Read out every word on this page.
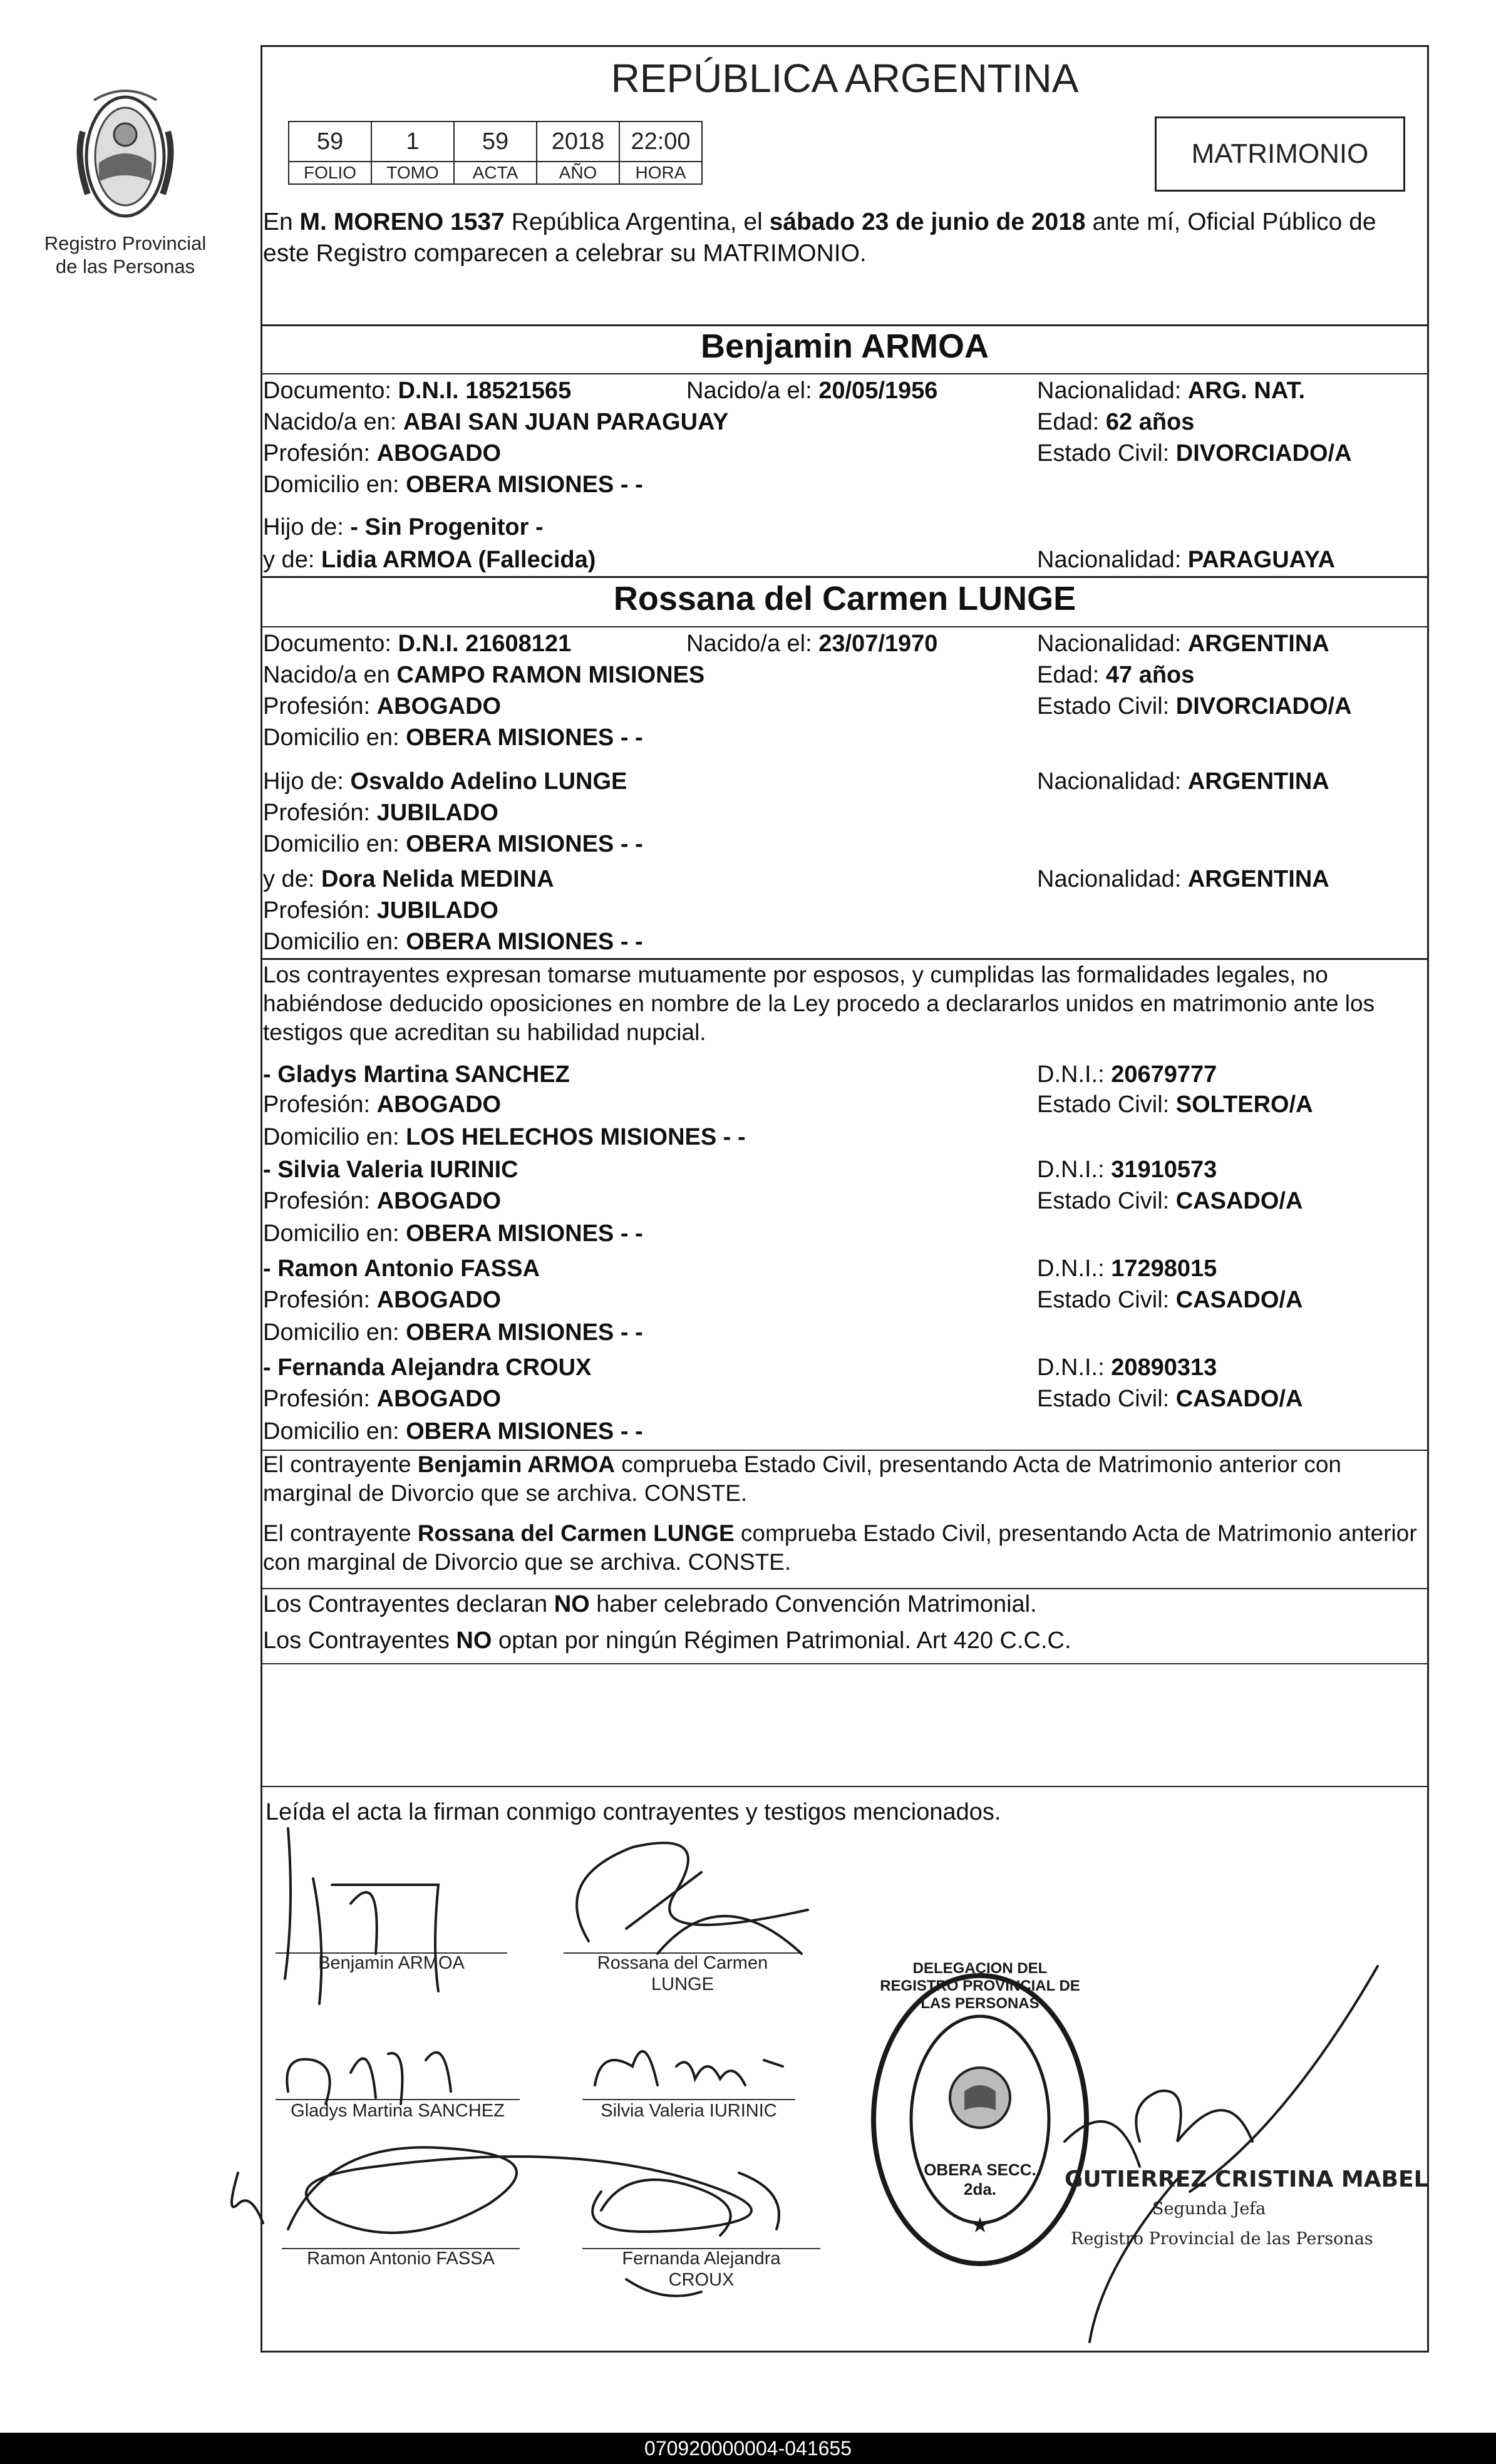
Registro Provincial
de las Personas
REPÚBLICA ARGENTINA
59	1	59	2018	22:00
FOLIO	TOMO	ACTA	AÑO	HORA
MATRIMONIO
En M. MORENO 1537 República Argentina, el sábado 23 de junio de 2018 ante mí, Oficial Público de este Registro comparecen a celebrar su MATRIMONIO.
Benjamin ARMOA
Documento: D.N.I. 18521565	Nacido/a el: 20/05/1956	Nacionalidad: ARG. NAT.
Nacido/a en: ABAI SAN JUAN PARAGUAY	Edad: 62 años
Profesión: ABOGADO	Estado Civil: DIVORCIADO/A
Domicilio en: OBERA MISIONES - -
Hijo de: - Sin Progenitor -
y de: Lidia ARMOA (Fallecida)	Nacionalidad: PARAGUAYA
Rossana del Carmen LUNGE
Documento: D.N.I. 21608121	Nacido/a el: 23/07/1970	Nacionalidad: ARGENTINA
Nacido/a en CAMPO RAMON MISIONES	Edad: 47 años
Profesión: ABOGADO	Estado Civil: DIVORCIADO/A
Domicilio en: OBERA MISIONES - -
Hijo de: Osvaldo Adelino LUNGE	Nacionalidad: ARGENTINA
Profesión: JUBILADO
Domicilio en: OBERA MISIONES - -
y de: Dora Nelida MEDINA	Nacionalidad: ARGENTINA
Profesión: JUBILADO
Domicilio en: OBERA MISIONES - -
Los contrayentes expresan tomarse mutuamente por esposos, y cumplidas las formalidades legales, no habiéndose deducido oposiciones en nombre de la Ley procedo a declararlos unidos en matrimonio ante los testigos que acreditan su habilidad nupcial.
- Gladys Martina SANCHEZ	D.N.I.: 20679777
Profesión: ABOGADO	Estado Civil: SOLTERO/A
Domicilio en: LOS HELECHOS MISIONES - -
- Silvia Valeria IURINIC	D.N.I.: 31910573
Profesión: ABOGADO	Estado Civil: CASADO/A
Domicilio en: OBERA MISIONES - -
- Ramon Antonio FASSA	D.N.I.: 17298015
Profesión: ABOGADO	Estado Civil: CASADO/A
Domicilio en: OBERA MISIONES - -
- Fernanda Alejandra CROUX	D.N.I.: 20890313
Profesión: ABOGADO	Estado Civil: CASADO/A
Domicilio en: OBERA MISIONES - -
El contrayente Benjamin ARMOA comprueba Estado Civil, presentando Acta de Matrimonio anterior con marginal de Divorcio que se archiva. CONSTE.
El contrayente Rossana del Carmen LUNGE comprueba Estado Civil, presentando Acta de Matrimonio anterior con marginal de Divorcio que se archiva. CONSTE.
Los Contrayentes declaran NO haber celebrado Convención Matrimonial.
Los Contrayentes NO optan por ningún Régimen Patrimonial. Art 420 C.C.C.
Leída el acta la firman conmigo contrayentes y testigos mencionados.
Benjamin ARMOA	Rossana del Carmen
LUNGE
Gladys Martina SANCHEZ	Silvia Valeria IURINIC
Ramon Antonio FASSA	Fernanda Alejandra
CROUX
★
DELEGACION DEL REGISTRO PROVINCIAL DE LAS PERSONAS
OBERA SECC. 2da.	GUTIERREZ CRISTINA MABEL
Segunda Jefa
Registro Provincial de las Personas
070920000004-041655
